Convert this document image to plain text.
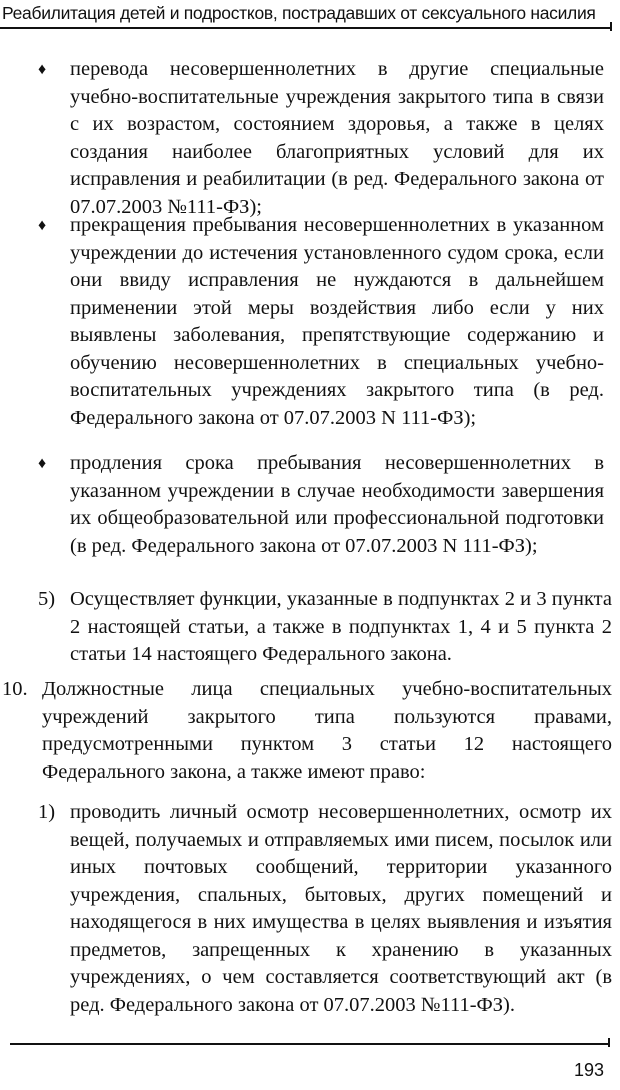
Реабилитация детей и подростков, пострадавших от сексуального насилия
♦ перевода несовершеннолетних в другие специальные учебно-воспитательные учреждения закрытого типа в связи с их возрастом, состоянием здоровья, а также в целях создания наиболее благоприятных условий для их исправления и реабилитации (в ред. Федерального закона от 07.07.2003 №111-ФЗ);
♦ прекращения пребывания несовершеннолетних в указанном учреждении до истечения установленного судом срока, если они ввиду исправления не нуждаются в дальнейшем применении этой меры воздействия либо если у них выявлены заболевания, препятствующие содержанию и обучению несовершеннолетних в специальных учебно-воспитательных учреждениях закрытого типа (в ред. Федерального закона от 07.07.2003 N 111-ФЗ);
♦ продления срока пребывания несовершеннолетних в указанном учреждении в случае необходимости завершения их общеобразовательной или профессиональной подготовки (в ред. Федерального закона от 07.07.2003 N 111-ФЗ);
5) Осуществляет функции, указанные в подпунктах 2 и 3 пункта 2 настоящей статьи, а также в подпунктах 1, 4 и 5 пункта 2 статьи 14 настоящего Федерального закона.
10. Должностные лица специальных учебно-воспитательных учреждений закрытого типа пользуются правами, предусмотренными пунктом 3 статьи 12 настоящего Федерального закона, а также имеют право:
1) проводить личный осмотр несовершеннолетних, осмотр их вещей, получаемых и отправляемых ими писем, посылок или иных почтовых сообщений, территории указанного учреждения, спальных, бытовых, других помещений и находящегося в них имущества в целях выявления и изъятия предметов, запрещенных к хранению в указанных учреждениях, о чем составляется соответствующий акт (в ред. Федерального закона от 07.07.2003 №111-ФЗ).
193
